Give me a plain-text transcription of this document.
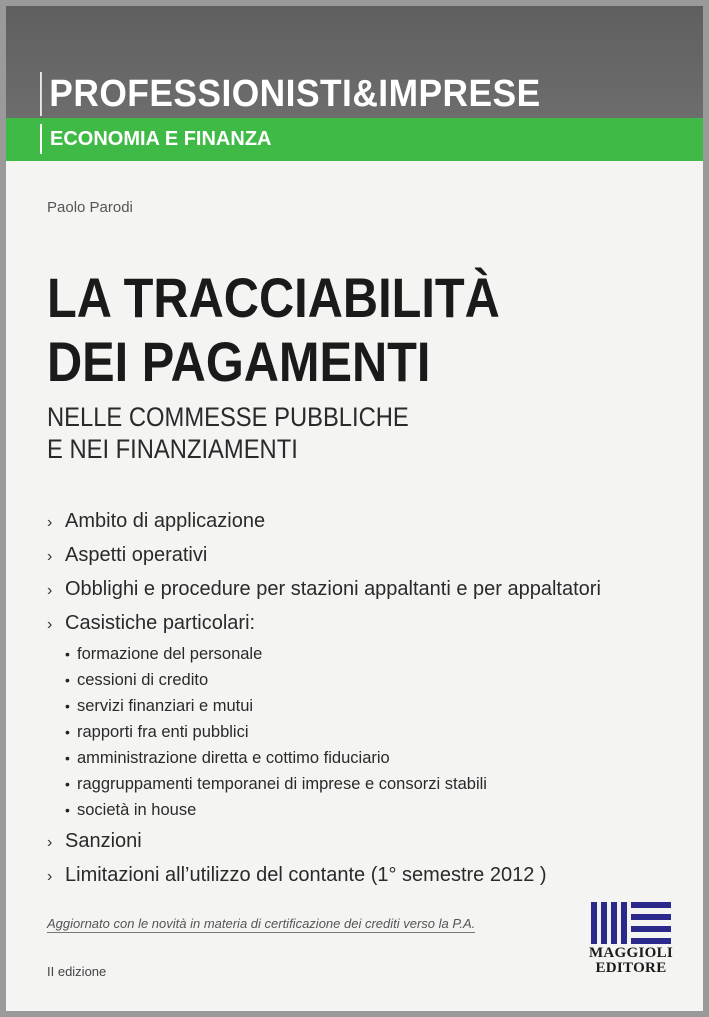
PROFESSIONISTI&IMPRESE
ECONOMIA E FINANZA
Paolo Parodi
LA TRACCIABILITÀ
DEI PAGAMENTI
NELLE COMMESSE PUBBLICHE
E NEI FINANZIAMENTI
› Ambito di applicazione
› Aspetti operativi
› Obblighi e procedure per stazioni appaltanti e per appaltatori
› Casistiche particolari:
• formazione del personale
• cessioni di credito
• servizi finanziari e mutui
• rapporti fra enti pubblici
• amministrazione diretta e cottimo fiduciario
• raggruppamenti temporanei di imprese e consorzi stabili
• società in house
› Sanzioni
› Limitazioni all’utilizzo del contante (1° semestre 2012 )
Aggiornato con le novità in materia di certificazione dei crediti verso la P.A.
II edizione
MAGGIOLI
EDITORE
